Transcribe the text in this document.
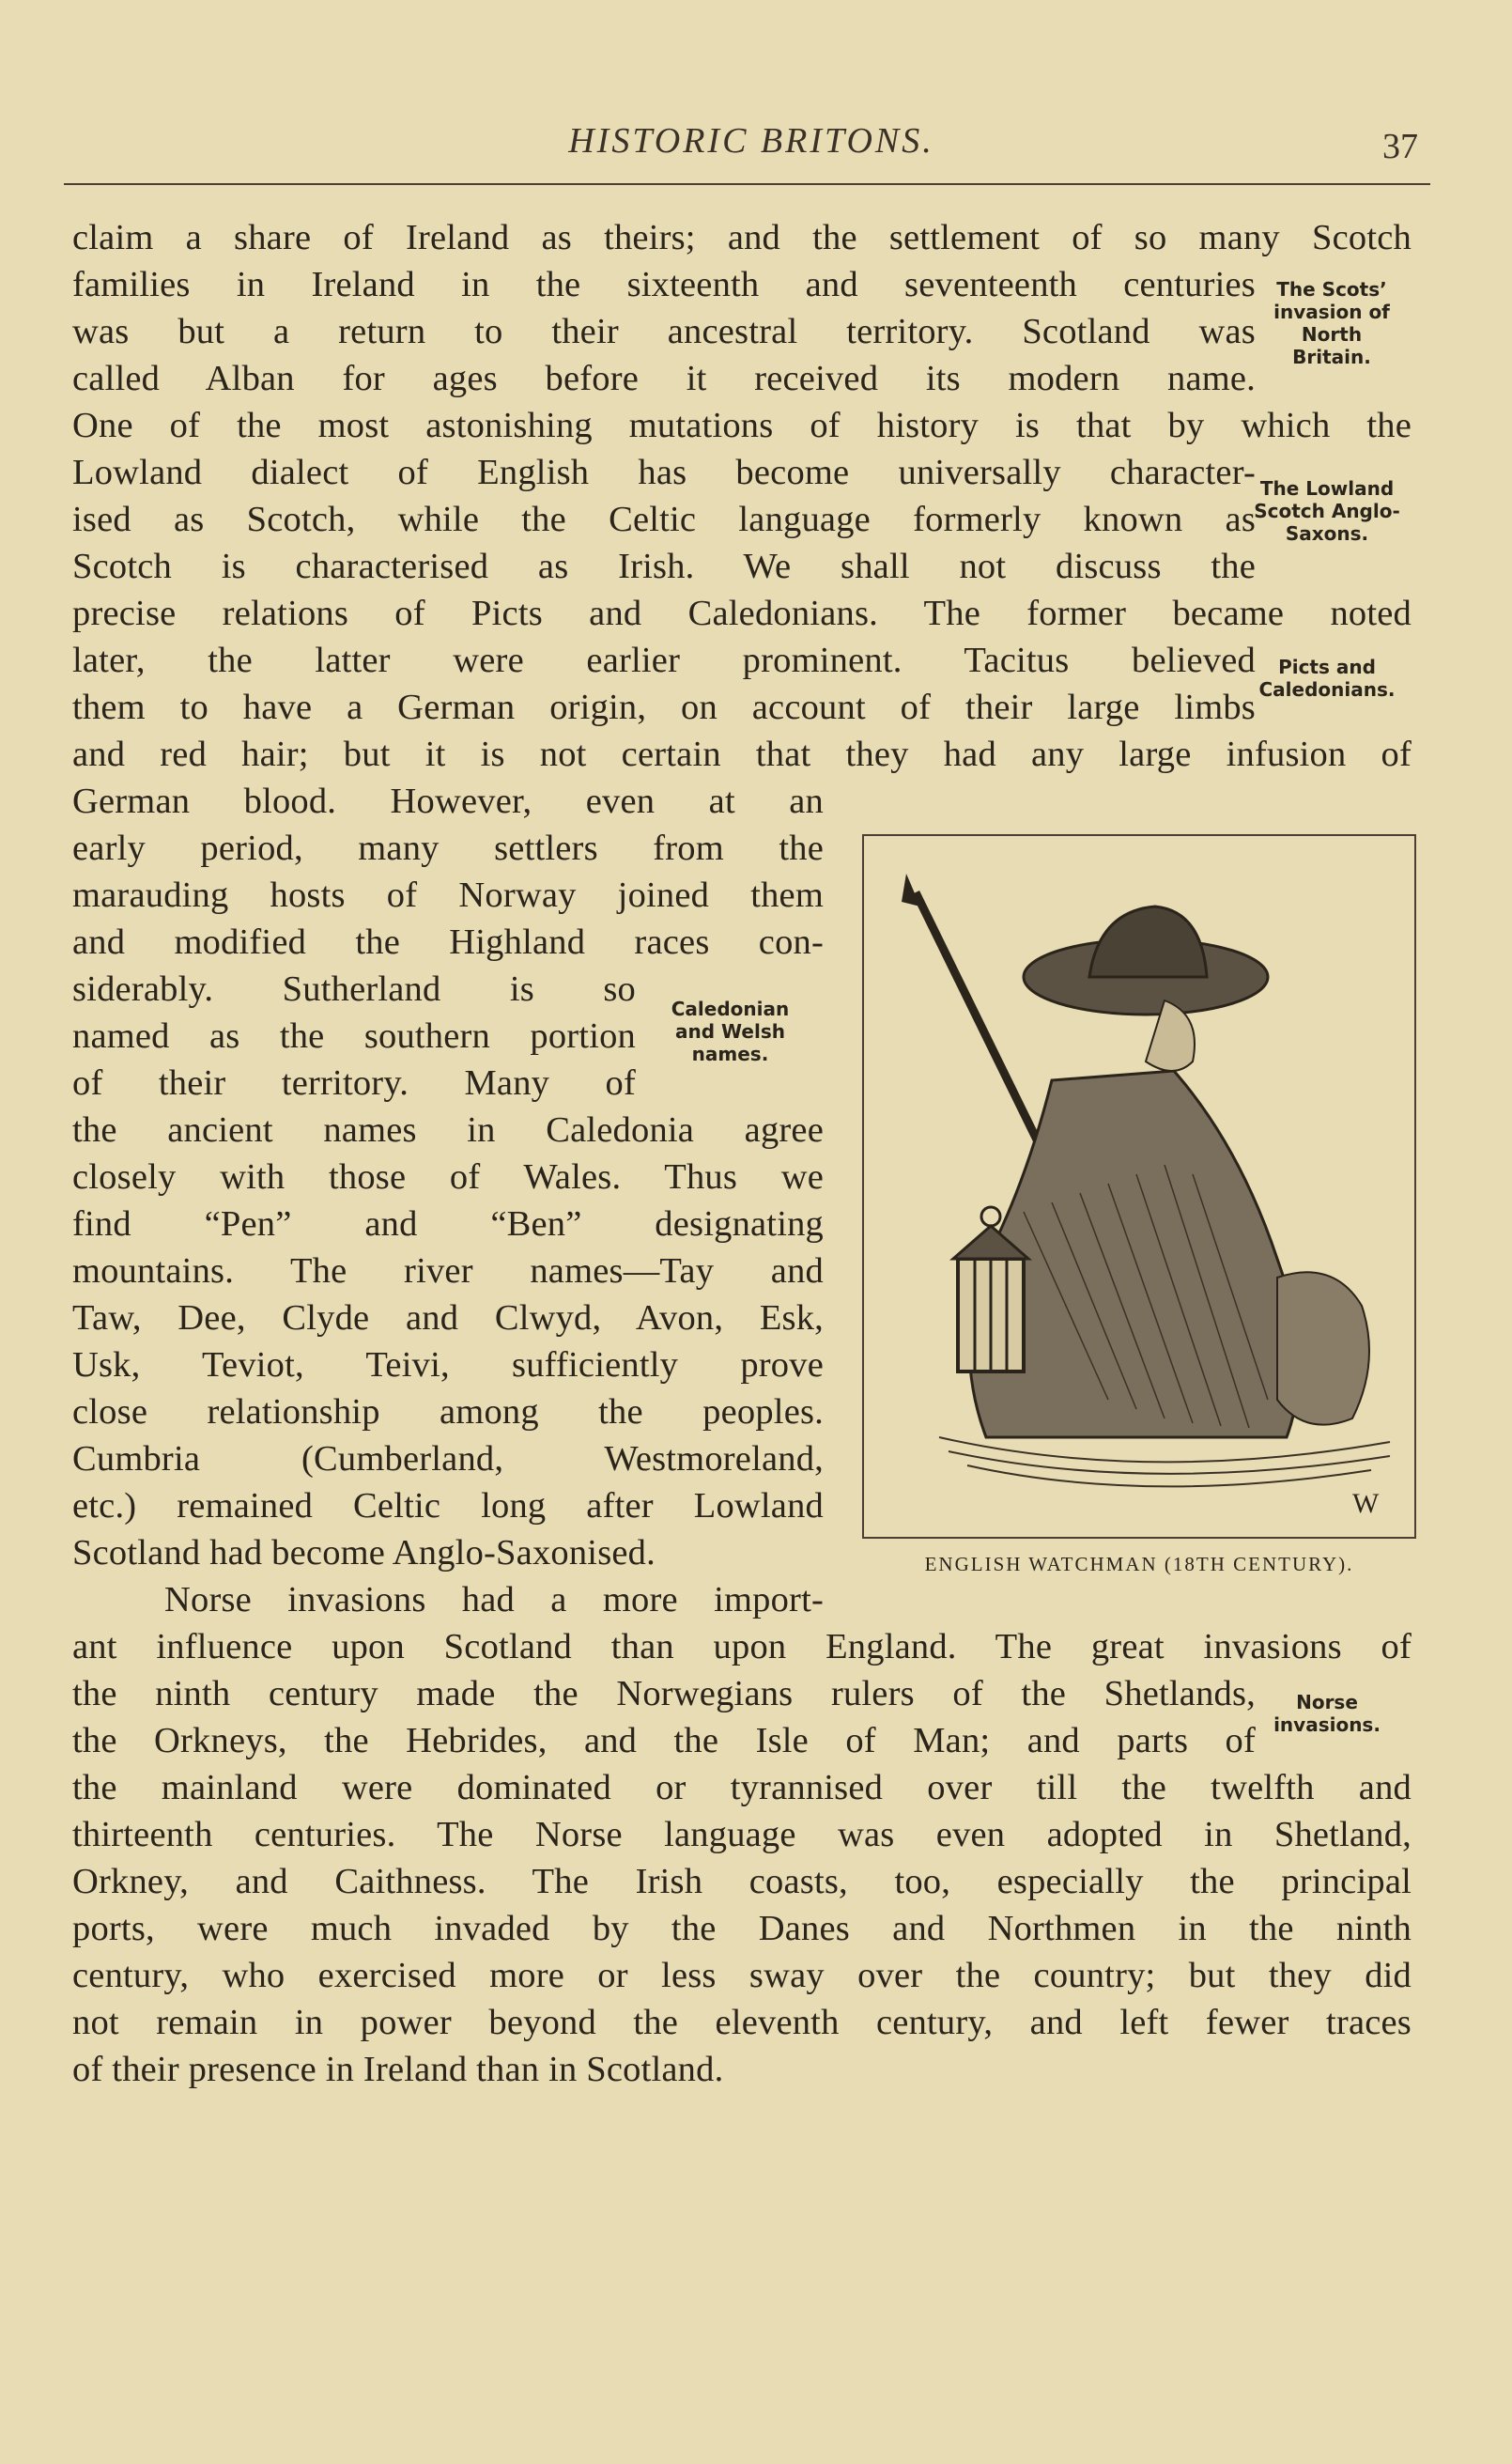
HISTORIC BRITONS.	37
claim a share of Ireland as theirs; and the settlement of so many Scotch
families in Ireland in the sixteenth and seventeenth centuries
was but a return to their ancestral territory. Scotland was
called Alban for ages before it received its modern name.
One of the most astonishing mutations of history is that by which the
Lowland dialect of English has become universally character-
ised as Scotch, while the Celtic language formerly known as
Scotch is characterised as Irish. We shall not discuss the
precise relations of Picts and Caledonians. The former became noted
later, the latter were earlier prominent. Tacitus believed
them to have a German origin, on account of their large limbs
and red hair; but it is not certain that they had any large infusion of
German blood. However, even at an
early period, many settlers from the
marauding hosts of Norway joined them
and modified the Highland races con-
siderably. Sutherland is so
named as the southern portion
of their territory. Many of
the ancient names in Caledonia agree
closely with those of Wales. Thus we
find “Pen” and “Ben” designating
mountains. The river names—Tay and
Taw, Dee, Clyde and Clwyd, Avon, Esk,
Usk, Teviot, Teivi, sufficiently prove
close relationship among the peoples.
Cumbria (Cumberland, Westmoreland,
etc.) remained Celtic long after Lowland
Scotland had become Anglo-Saxonised.
Norse invasions had a more import-
ant influence upon Scotland than upon England. The great invasions of
the ninth century made the Norwegians rulers of the Shetlands,
the Orkneys, the Hebrides, and the Isle of Man; and parts of
the mainland were dominated or tyrannised over till the twelfth and
thirteenth centuries. The Norse language was even adopted in Shetland,
Orkney, and Caithness. The Irish coasts, too, especially the principal
ports, were much invaded by the Danes and Northmen in the ninth
century, who exercised more or less sway over the country; but they did
not remain in power beyond the eleventh century, and left fewer traces
of their presence in Ireland than in Scotland.
The Scots’
invasion of
North
Britain.
The Lowland
Scotch Anglo-
Saxons.
Picts and
Caledonians.
Caledonian
and Welsh
names.
Norse
invasions.
W
ENGLISH WATCHMAN (18TH CENTURY).
